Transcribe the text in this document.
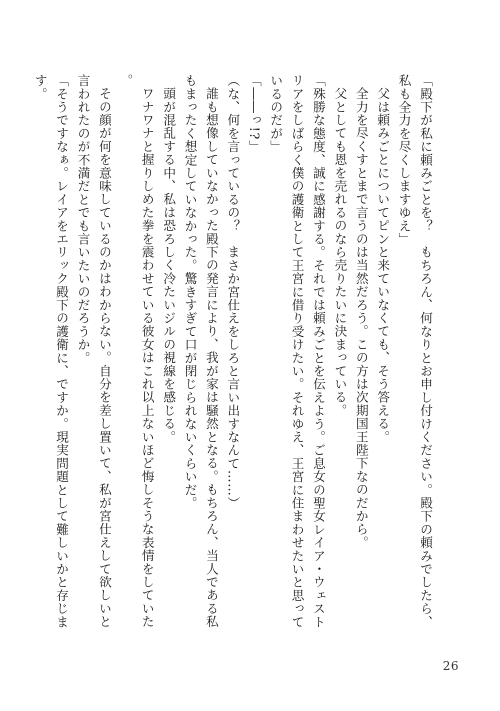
「殿下が私に頼みごとを？　もちろん、何なりとお申し付けください。殿下の頼みでしたら、私も全力を尽くしますゆえ」

父は頼みごとについてピンと来ていなくても、そう答える。

全力を尽くすとまで言うのは当然だろう。この方は次期国王陛下なのだから。

父としても恩を売れるのなら売りたいに決まっている。

「殊勝な態度、誠に感謝する。それでは頼みごとを伝えよう。ご息女の聖女レイア・ウェストリアをしばらく僕の護衛として王宮に借り受けたい。それゆえ、王宮に住まわせたいと思っているのだが」

「――っ!?」

（な、何を言っているの？　まさか宮仕えをしろと言い出すなんて……）

誰も想像していなかった殿下の発言により、我が家は騒然となる。もちろん、当人である私もまったく想定していなかった。驚きすぎて口が閉じられないくらいだ。

頭が混乱する中、私は恐ろしく冷たいジルの視線を感じる。

ワナワナと握りしめた拳を震わせている彼女はこれ以上ないほど悔しそうな表情をしていた。

その顔が何を意味しているのかはわからない。自分を差し置いて、私が宮仕えして欲しいと言われたのが不満だとでも言いたいのだろうか。

「そうですなぁ。レイアをエリック殿下の護衛に、ですか。現実問題として難しいかと存じます。

26
